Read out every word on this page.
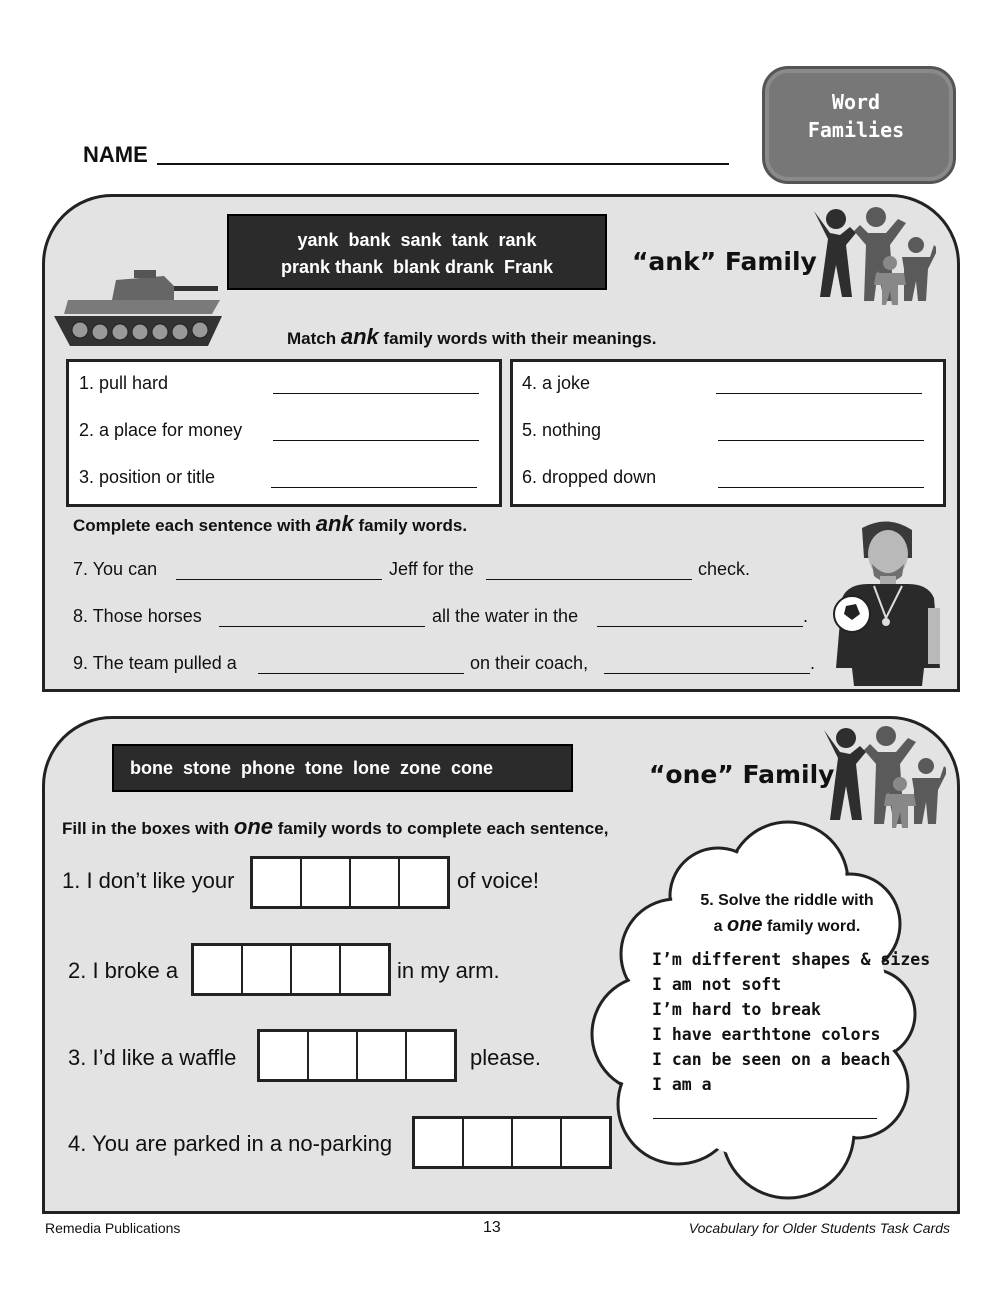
NAME
Word
Families
yank  bank  sank  tank  rank
prank thank  blank drank  Frank	“ank” Family
Match ank family words with their meanings.
1. pull hard
2. a place for money
3. position or title
4. a joke
5. nothing
6. dropped down
Complete each sentence with ank family words.
7. You can	Jeff for the	check.
8. Those horses	all the water in the	.
9. The team pulled a	on their coach,	.
bone  stone  phone  tone  lone  zone  cone	“one” Family
Fill in the boxes with one family words to complete each sentence,
5. Solve the riddle with
a one family word.
I’m different shapes & sizes
I am not soft
I’m hard to break
I have earthtone colors
I can be seen on a beach
I am a
1. I don’t like your	of voice!
2. I broke a	in my arm.
3. I’d like a waffle	please.
4. You are parked in a no-parking
Remedia Publications	13	Vocabulary for Older Students Task Cards
